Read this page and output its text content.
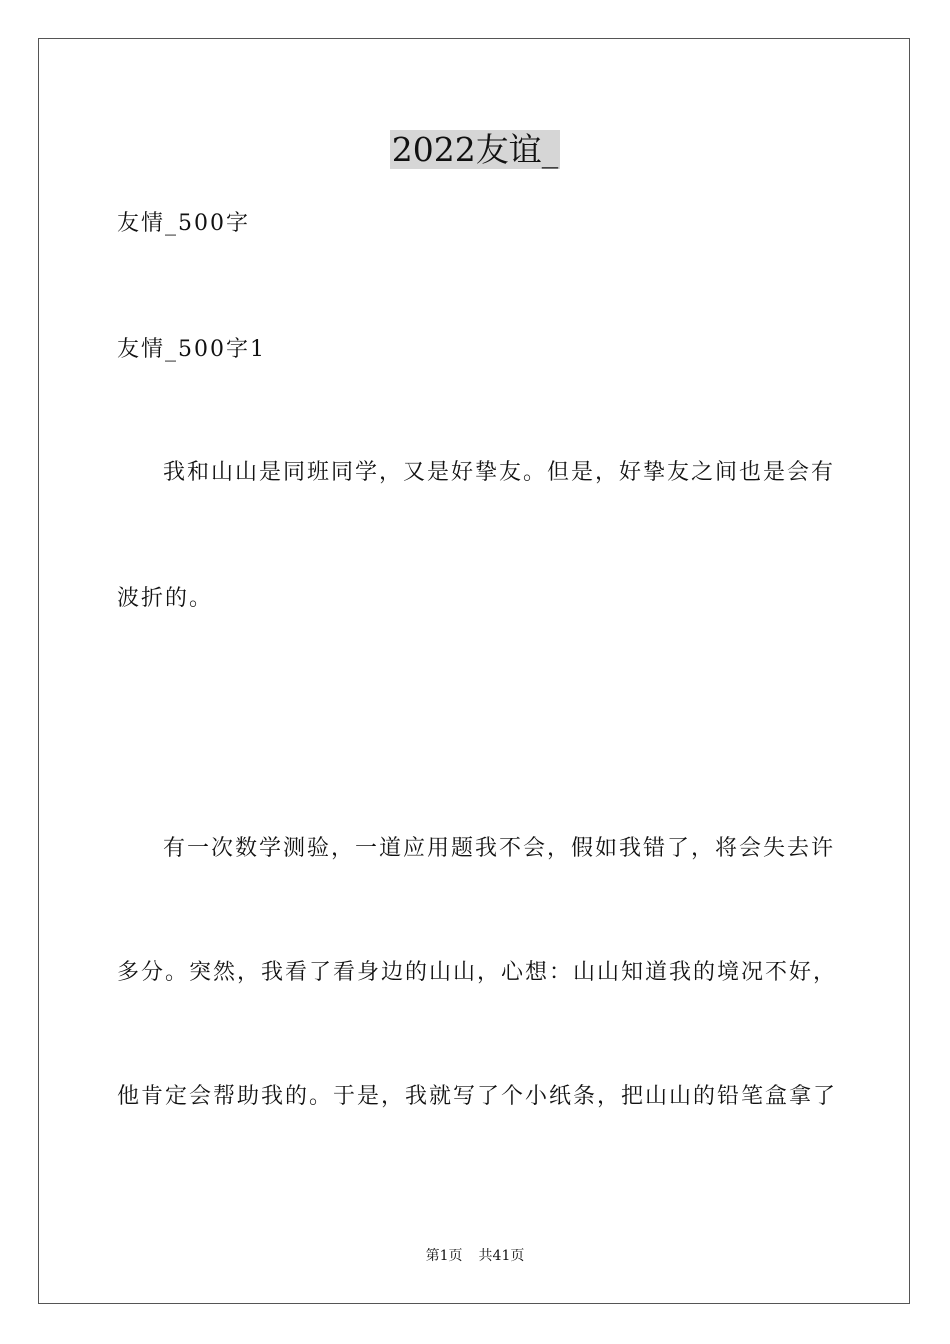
2022友谊_
友情_500字
友情_500字1
我和山山是同班同学，又是好挚友。但是，好挚友之间也是会有
波折的。
有一次数学测验，一道应用题我不会，假如我错了，将会失去许
多分。突然，我看了看身边的山山，心想：山山知道我的境况不好，
他肯定会帮助我的。于是，我就写了个小纸条，把山山的铅笔盒拿了
第1页 共41页
